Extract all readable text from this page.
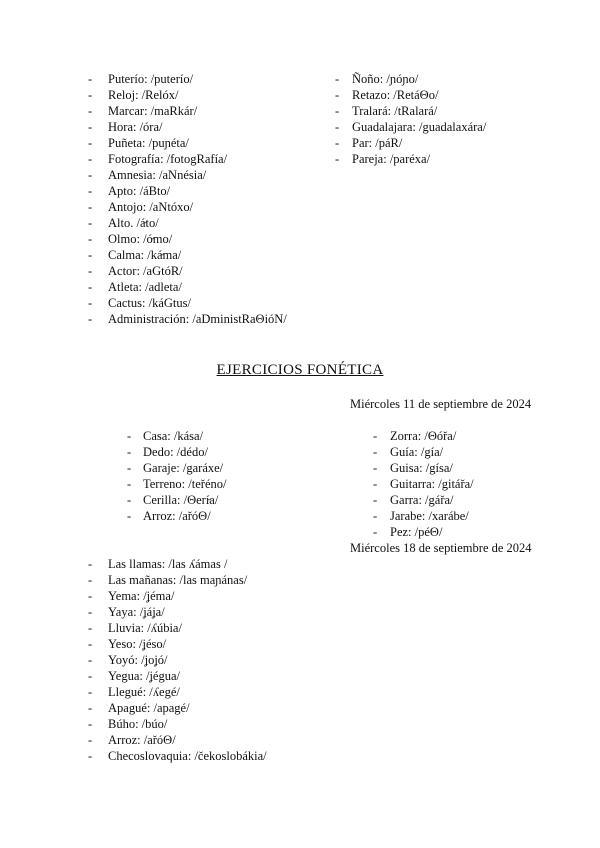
- Puterío: /puterío/
- Reloj: /Relóx/
- Marcar: /maRkár/
- Hora: /óra/
- Puñeta: /puɲéta/
- Fotografía: /fotogRafía/
- Amnesia: /aNnésia/
- Apto: /áBto/
- Antojo: /aNtóxo/
- Alto. /á̵to/
- Olmo: /ó̵mo/
- Calma: /ká̵ma/
- Actor: /aGtóR/
- Atleta: /adleta/
- Cactus: /káGtus/
- Administración: /aDministRaΘióN/
- Ñoño: /ɲóɲo/
- Retazo: /RetáΘo/
- Tralará: /tRalará/
- Guadalajara: /guadalaxára/
- Par: /páR/
- Pareja: /paréxa/
EJERCICIOS FONÉTICA
Miércoles 11 de septiembre de 2024
- Casa: /kása/
- Dedo: /dédo/
- Garaje: /garáxe/
- Terreno: /teřéno/
- Cerilla: /Θerí̵a/
- Arroz: /ařóΘ/
- Zorra: /Θóřa/
- Guía: /gía/
- Guisa: /gísa/
- Guitarra: /gitářa/
- Garra: /gářa/
- Jarabe: /xarábe/
- Pez: /péΘ/
Miércoles 18 de septiembre de 2024
- Las llamas: /las ʎámas /
- Las mañanas: /las maɲánas/
- Yema: /ʝéma/
- Yaya: /ʝáʝa/
- Lluvia: /ʎúbia/
- Yeso: /ʝéso/
- Yoyó: /ʝoʝó/
- Yegua: /ʝégua/
- Llegué: /ʎegé/
- Apagué: /apagé/
- Búho: /búo/
- Arroz: /ařóΘ/
- Checoslovaquia: /čekoslobákia/
